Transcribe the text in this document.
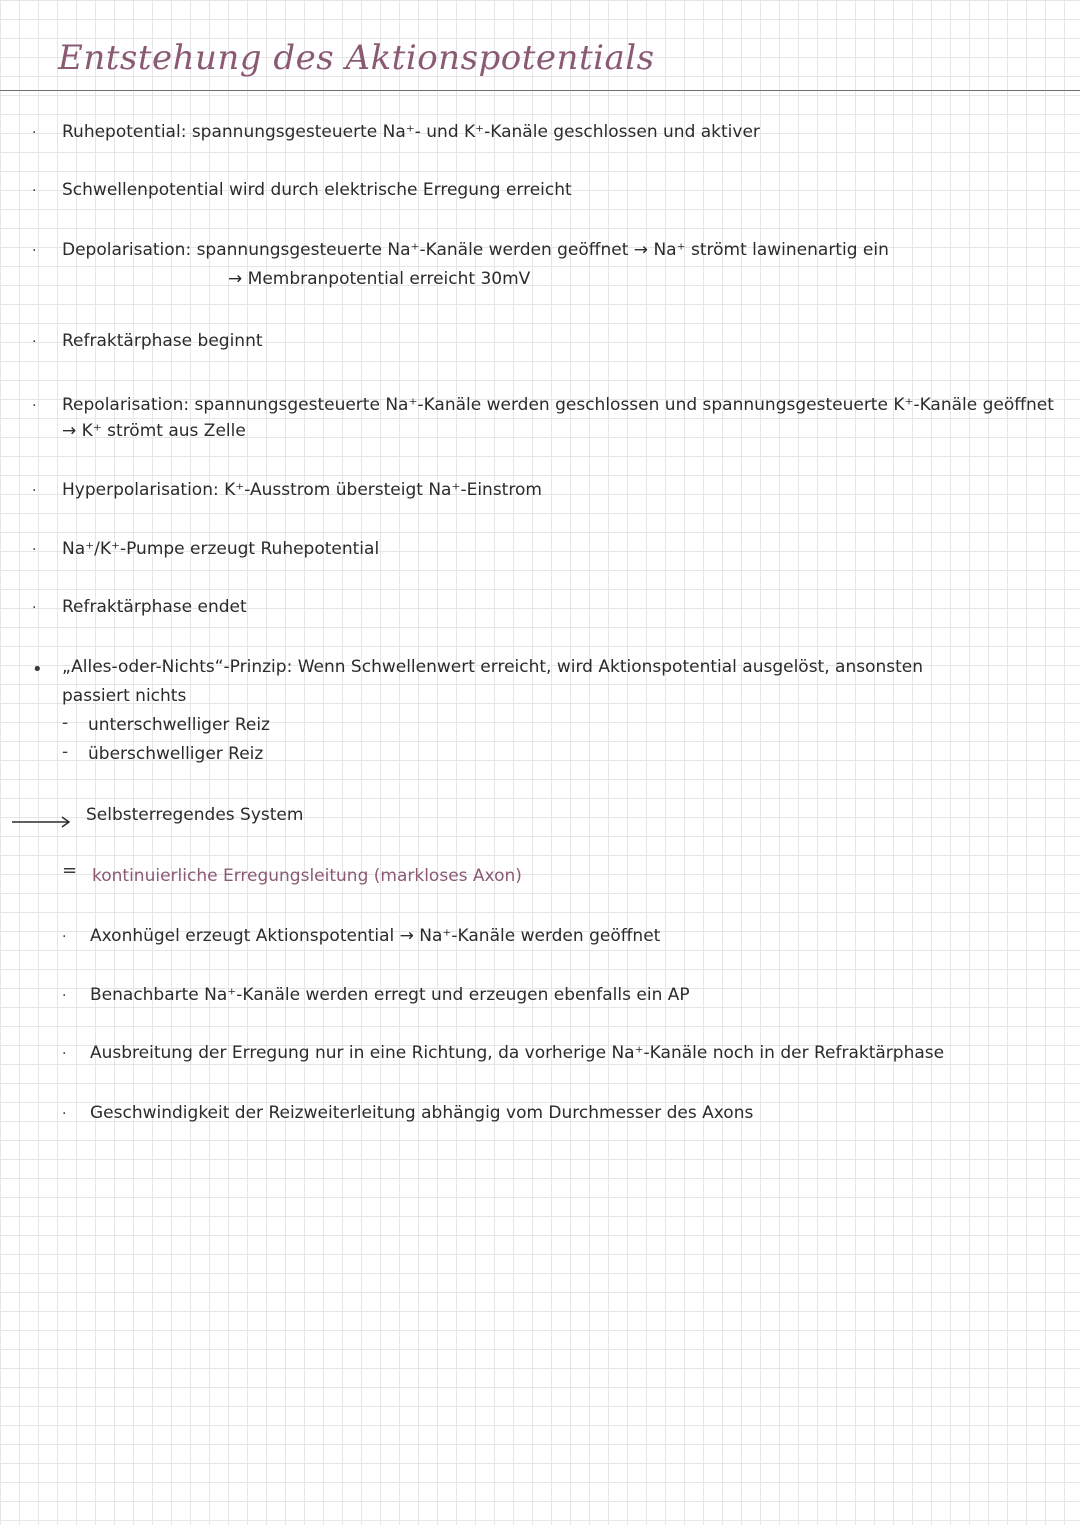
Entstehung des Aktionspotentials
· Ruhepotential: spannungsgesteuerte Na⁺- und K⁺-Kanäle geschlossen und aktiver
· Schwellenpotential wird durch elektrische Erregung erreicht
· Depolarisation: spannungsgesteuerte Na⁺-Kanäle werden geöffnet → Na⁺ strömt lawinenartig ein
→ Membranpotential erreicht 30mV
· Refraktärphase beginnt
· Repolarisation: spannungsgesteuerte Na⁺-Kanäle werden geschlossen und spannungsgesteuerte K⁺-Kanäle geöffnet
→ K⁺ strömt aus Zelle
· Hyperpolarisation: K⁺-Ausstrom übersteigt Na⁺-Einstrom
· Na⁺/K⁺-Pumpe erzeugt Ruhepotential
· Refraktärphase endet
• „Alles-oder-Nichts“-Prinzip: Wenn Schwellenwert erreicht, wird Aktionspotential ausgelöst, ansonsten
passiert nichts
- unterschwelliger Reiz
- überschwelliger Reiz
Selbsterregendes System
= kontinuierliche Erregungsleitung (markloses Axon)
· Axonhügel erzeugt Aktionspotential → Na⁺-Kanäle werden geöffnet
· Benachbarte Na⁺-Kanäle werden erregt und erzeugen ebenfalls ein AP
· Ausbreitung der Erregung nur in eine Richtung, da vorherige Na⁺-Kanäle noch in der Refraktärphase
· Geschwindigkeit der Reizweiterleitung abhängig vom Durchmesser des Axons
